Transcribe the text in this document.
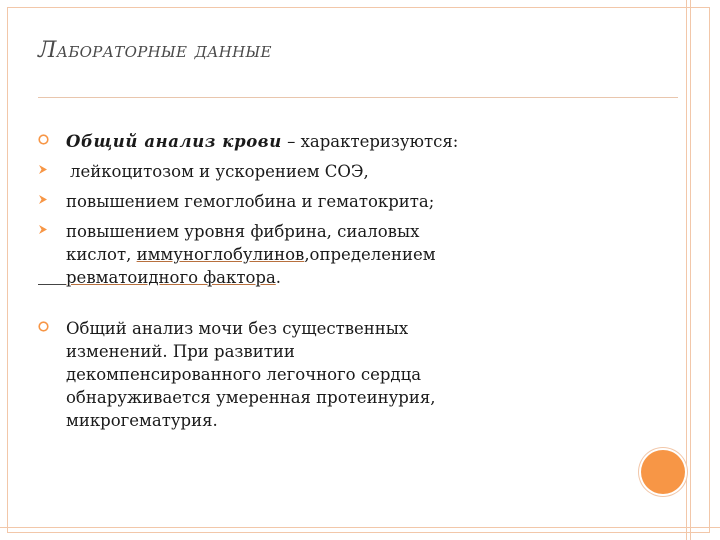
Лабораторные данные
Общий анализ крови – характеризуются:
лейкоцитозом и ускорением СОЭ,
повышением гемоглобина и гематокрита;
повышением уровня фибрина, сиаловых
кислот, иммуноглобулинов,определением
ревматоидного фактора.
Общий анализ мочи без существенных изменений. При развитии декомпенсированного легочного сердца обнаруживается умеренная протеинурия, микрогематурия.
